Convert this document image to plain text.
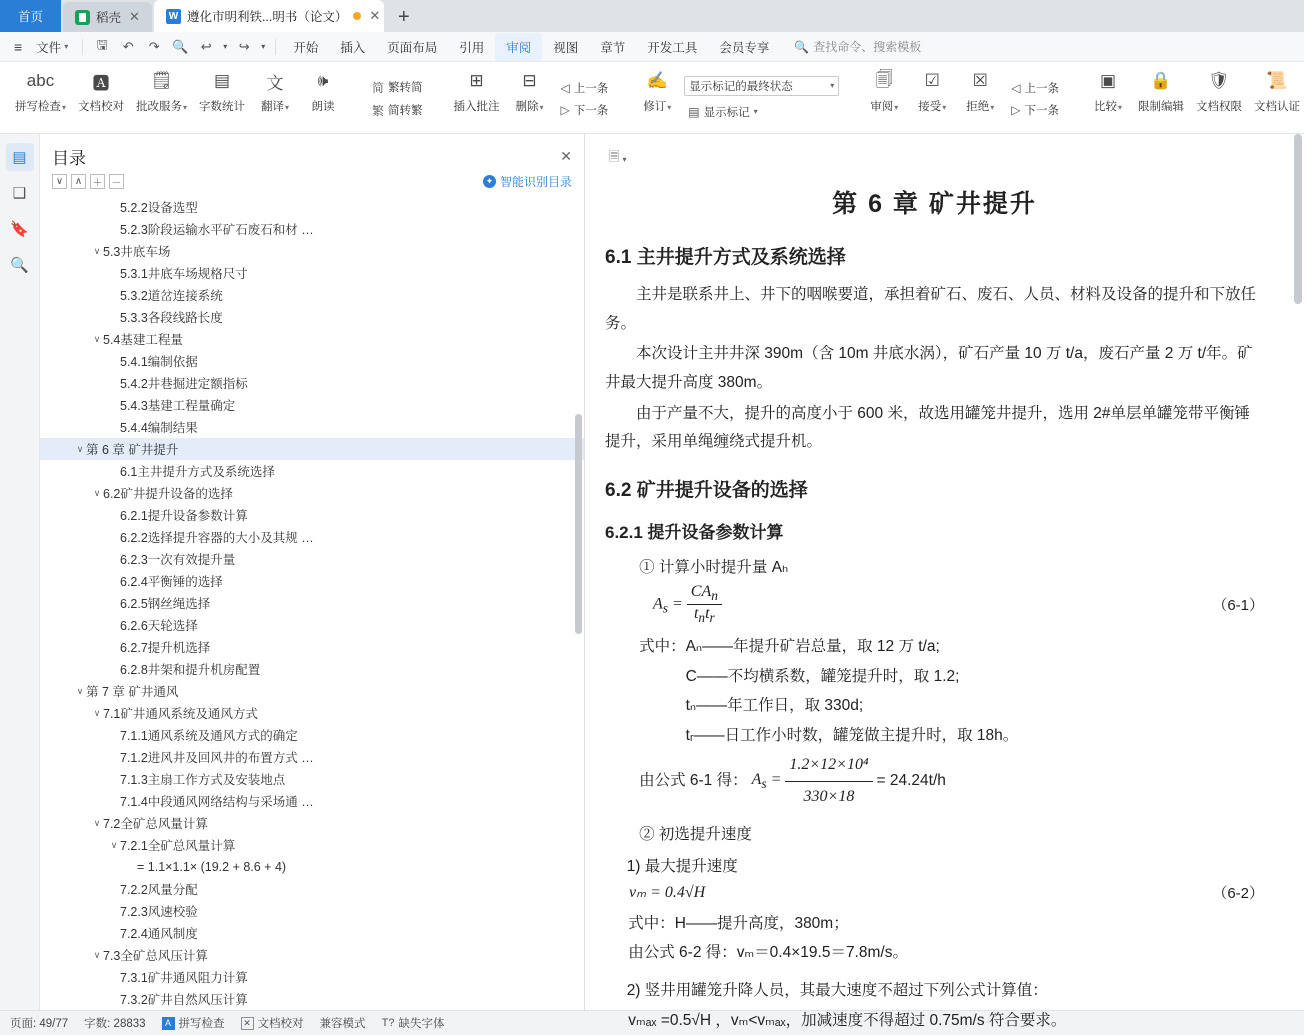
首页	稻壳 ✕ W	遵化市明利铁...明书（论文） ✕ +
≡	文件 ▾	🖫	↶	↷ 🔍 ↩	▾ ↪	▾	开始	插入	页面布局	引用	审阅	视图	章节	开发工具	会员专享	🔍 查找命令、搜索模板
abc
拼写检查▾
🅰
文档校对
🗒
批改服务▾
▤
字数统计
文
翻译▾
🕪
朗读
简 繁转简
繁 简转繁
⊞
插入批注
⊟
删除▾
◁ 上一条
▷ 下一条
✍
修订▾
显示标记的最终状态	▾
▤ 显示标记 ▾
🗐
审阅▾
☑
接受▾
☒
拒绝▾
◁ 上一条
▷ 下一条
▣
比较▾
🔒
限制编辑
🛡
文档权限
📜
文档认证
▤
❑
🔖
🔍
目录	✕
∨	∧	＋ －	✦ 智能识别目录
5.2.2设备选型
5.2.3阶段运输水平矿石废石和材 …
∨ 5.3井底车场
5.3.1井底车场规格尺寸
5.3.2道岔连接系统
5.3.3各段线路长度
∨ 5.4基建工程量
5.4.1编制依据
5.4.2井巷掘进定额指标
5.4.3基建工程量确定
5.4.4编制结果
∨ 第 6 章 矿井提升
6.1主井提升方式及系统选择
∨ 6.2矿井提升设备的选择
6.2.1提升设备参数计算
6.2.2选择提升容器的大小及其规 …
6.2.3一次有效提升量
6.2.4平衡锤的选择
6.2.5钢丝绳选择
6.2.6天轮选择
6.2.7提升机选择
6.2.8井架和提升机房配置
∨ 第 7 章 矿井通风
∨ 7.1矿井通风系统及通风方式
7.1.1通风系统及通风方式的确定
7.1.2进风井及回风井的布置方式 …
7.1.3主扇工作方式及安装地点
7.1.4中段通风网络结构与采场通 …
∨ 7.2全矿总风量计算
∨ 7.2.1全矿总风量计算
= 1.1×1.1× (19.2 + 8.6 + 4)
7.2.2风量分配
7.2.3风速校验
7.2.4通风制度
∨ 7.3全矿总风压计算
7.3.1矿井通风阻力计算
7.3.2矿井自然风压计算
🗏 ▾
第 6 章 矿井提升
6.1 主井提升方式及系统选择
主井是联系井上、井下的咽喉要道，承担着矿石、废石、人员、材料及设备的提升和下放任务。
本次设计主井井深 390m（含 10m 井底水涡），矿石产量 10 万 t/a，废石产量 2 万 t/年。矿井最大提升高度 380m。
由于产量不大，提升的高度小于 600 米，故选用罐笼井提升，选用 2#单层单罐笼带平衡锤提升，采用单绳缠绕式提升机。
6.2 矿井提升设备的选择
6.2.1 提升设备参数计算
① 计算小时提升量 Aₕ
$A_s = \frac{CA_n}{t_nt_r}$	（6-1）
式中：Aₙ——年提升矿岩总量，取 12 万 t/a;
C——不均横系数，罐笼提升时，取 1.2;
tₙ——年工作日，取 330d;
tᵣ——日工作小时数，罐笼做主提升时，取 18h。
由公式 6-1 得： $A_s = \frac{\text{1.2×12×10⁴}}{330\times 18} = 24.24t/h$
② 初选提升速度
1) 最大提升速度
vₘ = 0.4√H	（6-2）
式中：H——提升高度，380m；
由公式 6-2 得：vₘ＝0.4×19.5＝7.8m/s。
2) 竖井用罐笼升降人员，其最大速度不超过下列公式计算值：
vₘₐₓ =0.5√H ，vₘ<vₘₐₓ，加减速度不得超过 0.75m/s 符合要求。
页面: 49/77 字数: 28833	A 拼写检查	✕ 文档校对 兼容模式 T? 缺失字体
